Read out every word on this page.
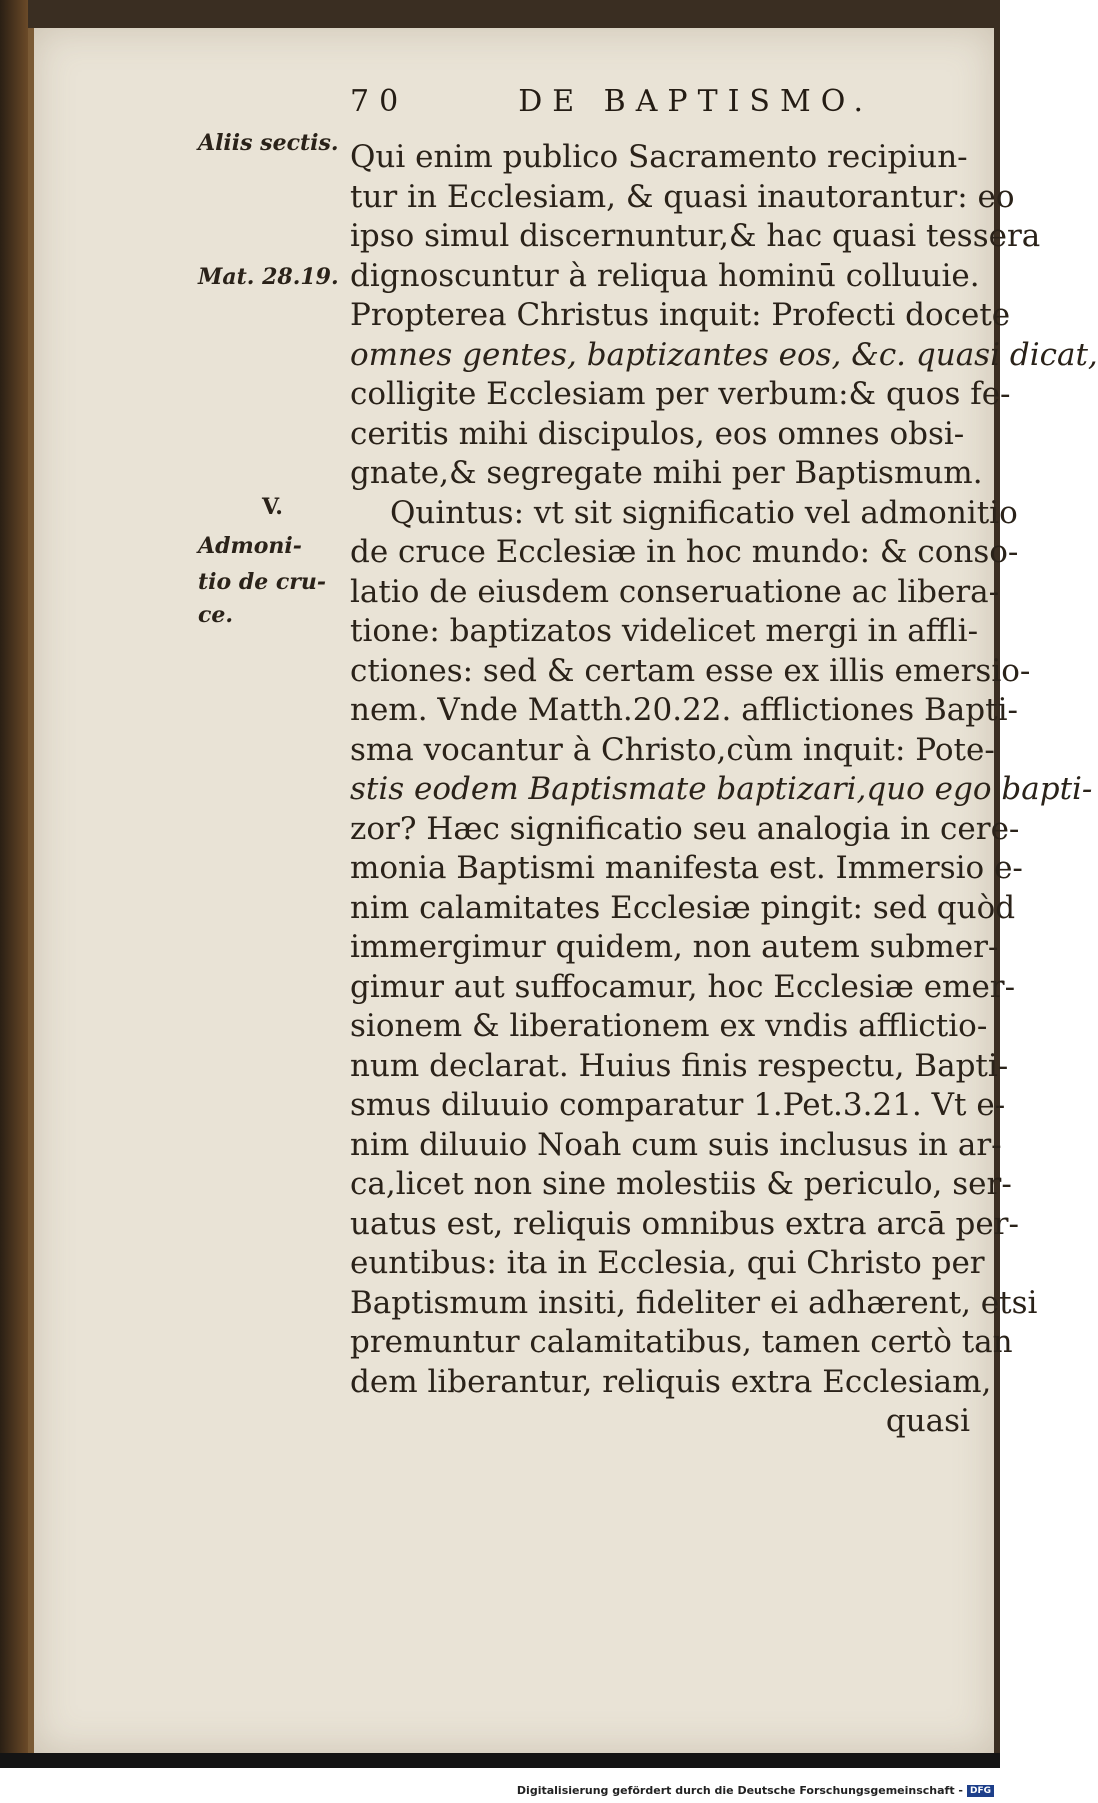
70	DE BAPTISMO.
Aliis sectis.
Mat. 28.19.
V.
Admoni-
tio de cru-
ce.
Qui enim publico Sacramento recipiun-
tur in Ecclesiam, & quasi inautorantur: eo
ipso simul discernuntur,& hac quasi tessera
dignoscuntur à reliqua hominū colluuie.
Propterea Christus inquit: Profecti docete
omnes gentes, baptizantes eos, &c. quasi dicat,
colligite Ecclesiam per verbum:& quos fe-
ceritis mihi discipulos, eos omnes obsi-
gnate,& segregate mihi per Baptismum.
Quintus: vt sit significatio vel admonitio
de cruce Ecclesiæ in hoc mundo: & conso-
latio de eiusdem conseruatione ac libera-
tione: baptizatos videlicet mergi in affli-
ctiones: sed & certam esse ex illis emersio-
nem. Vnde Matth.20.22. afflictiones Bapti-
sma vocantur à Christo,cùm inquit: Pote-
stis eodem Baptismate baptizari,quo ego bapti-
zor? Hæc significatio seu analogia in cere-
monia Baptismi manifesta est. Immersio e-
nim calamitates Ecclesiæ pingit: sed quòd
immergimur quidem, non autem submer-
gimur aut suffocamur, hoc Ecclesiæ emer-
sionem & liberationem ex vndis afflictio-
num declarat. Huius finis respectu, Bapti-
smus diluuio comparatur 1.Pet.3.21. Vt e-
nim diluuio Noah cum suis inclusus in ar-
ca,licet non sine molestiis & periculo, ser-
uatus est, reliquis omnibus extra arcā per-
euntibus: ita in Ecclesia, qui Christo per
Baptismum insiti, fideliter ei adhærent, etsi
premuntur calamitatibus, tamen certò tan
dem liberantur, reliquis extra Ecclesiam,
quasi
Digitalisierung gefördert durch die Deutsche Forschungsgemeinschaft - DFG
